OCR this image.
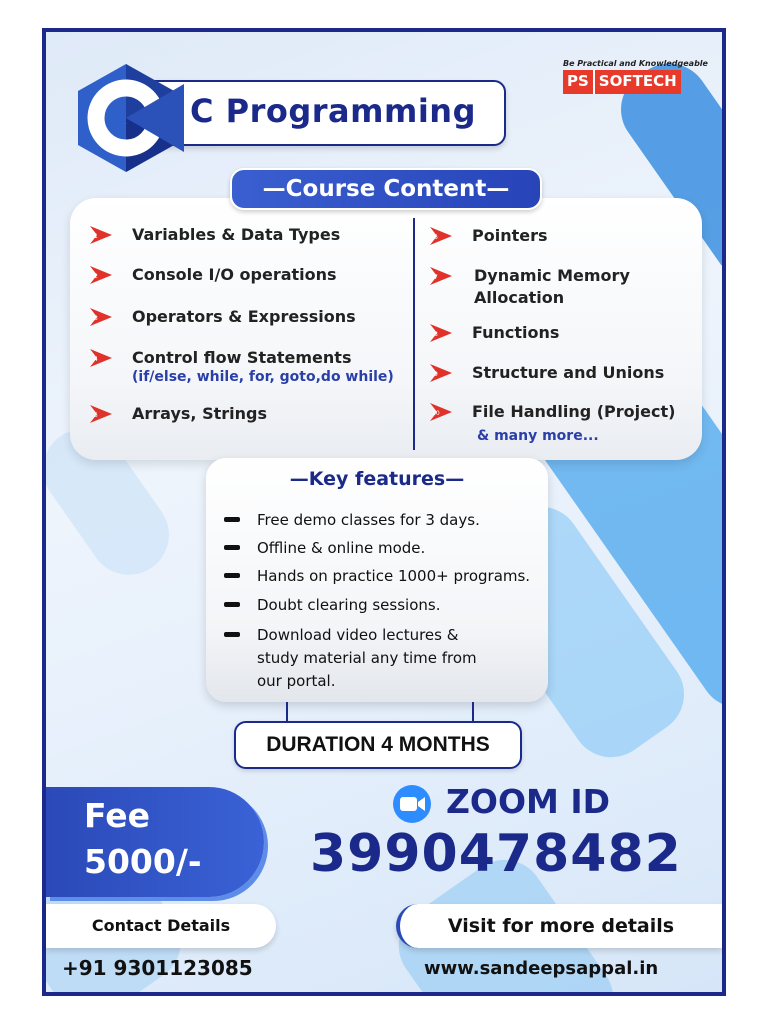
C C Programming
Be Practical and Knowledgeable
PS SOFTECH
—Course Content—
1 Variables & Data Types
2 Console I/O operations
3 Operators & Expressions
4 Control flow Statements
(if/else, while, for, goto,do while)
5 Arrays, Strings
6 Pointers
7 Dynamic Memory
Allocation
8 Functions
9 Structure and Unions
10 File Handling (Project)
& many more...
—Key features—
Free demo classes for 3 days.
Offline & online mode.
Hands on practice 1000+ programs.
Doubt clearing sessions.
Download video lectures & study material any time from our portal.
DURATION 4 MONTHS
Fee
5000/-
ZOOM ID
3990478482
Contact Details	Visit for more details
+91 9301123085	www.sandeepsappal.in
